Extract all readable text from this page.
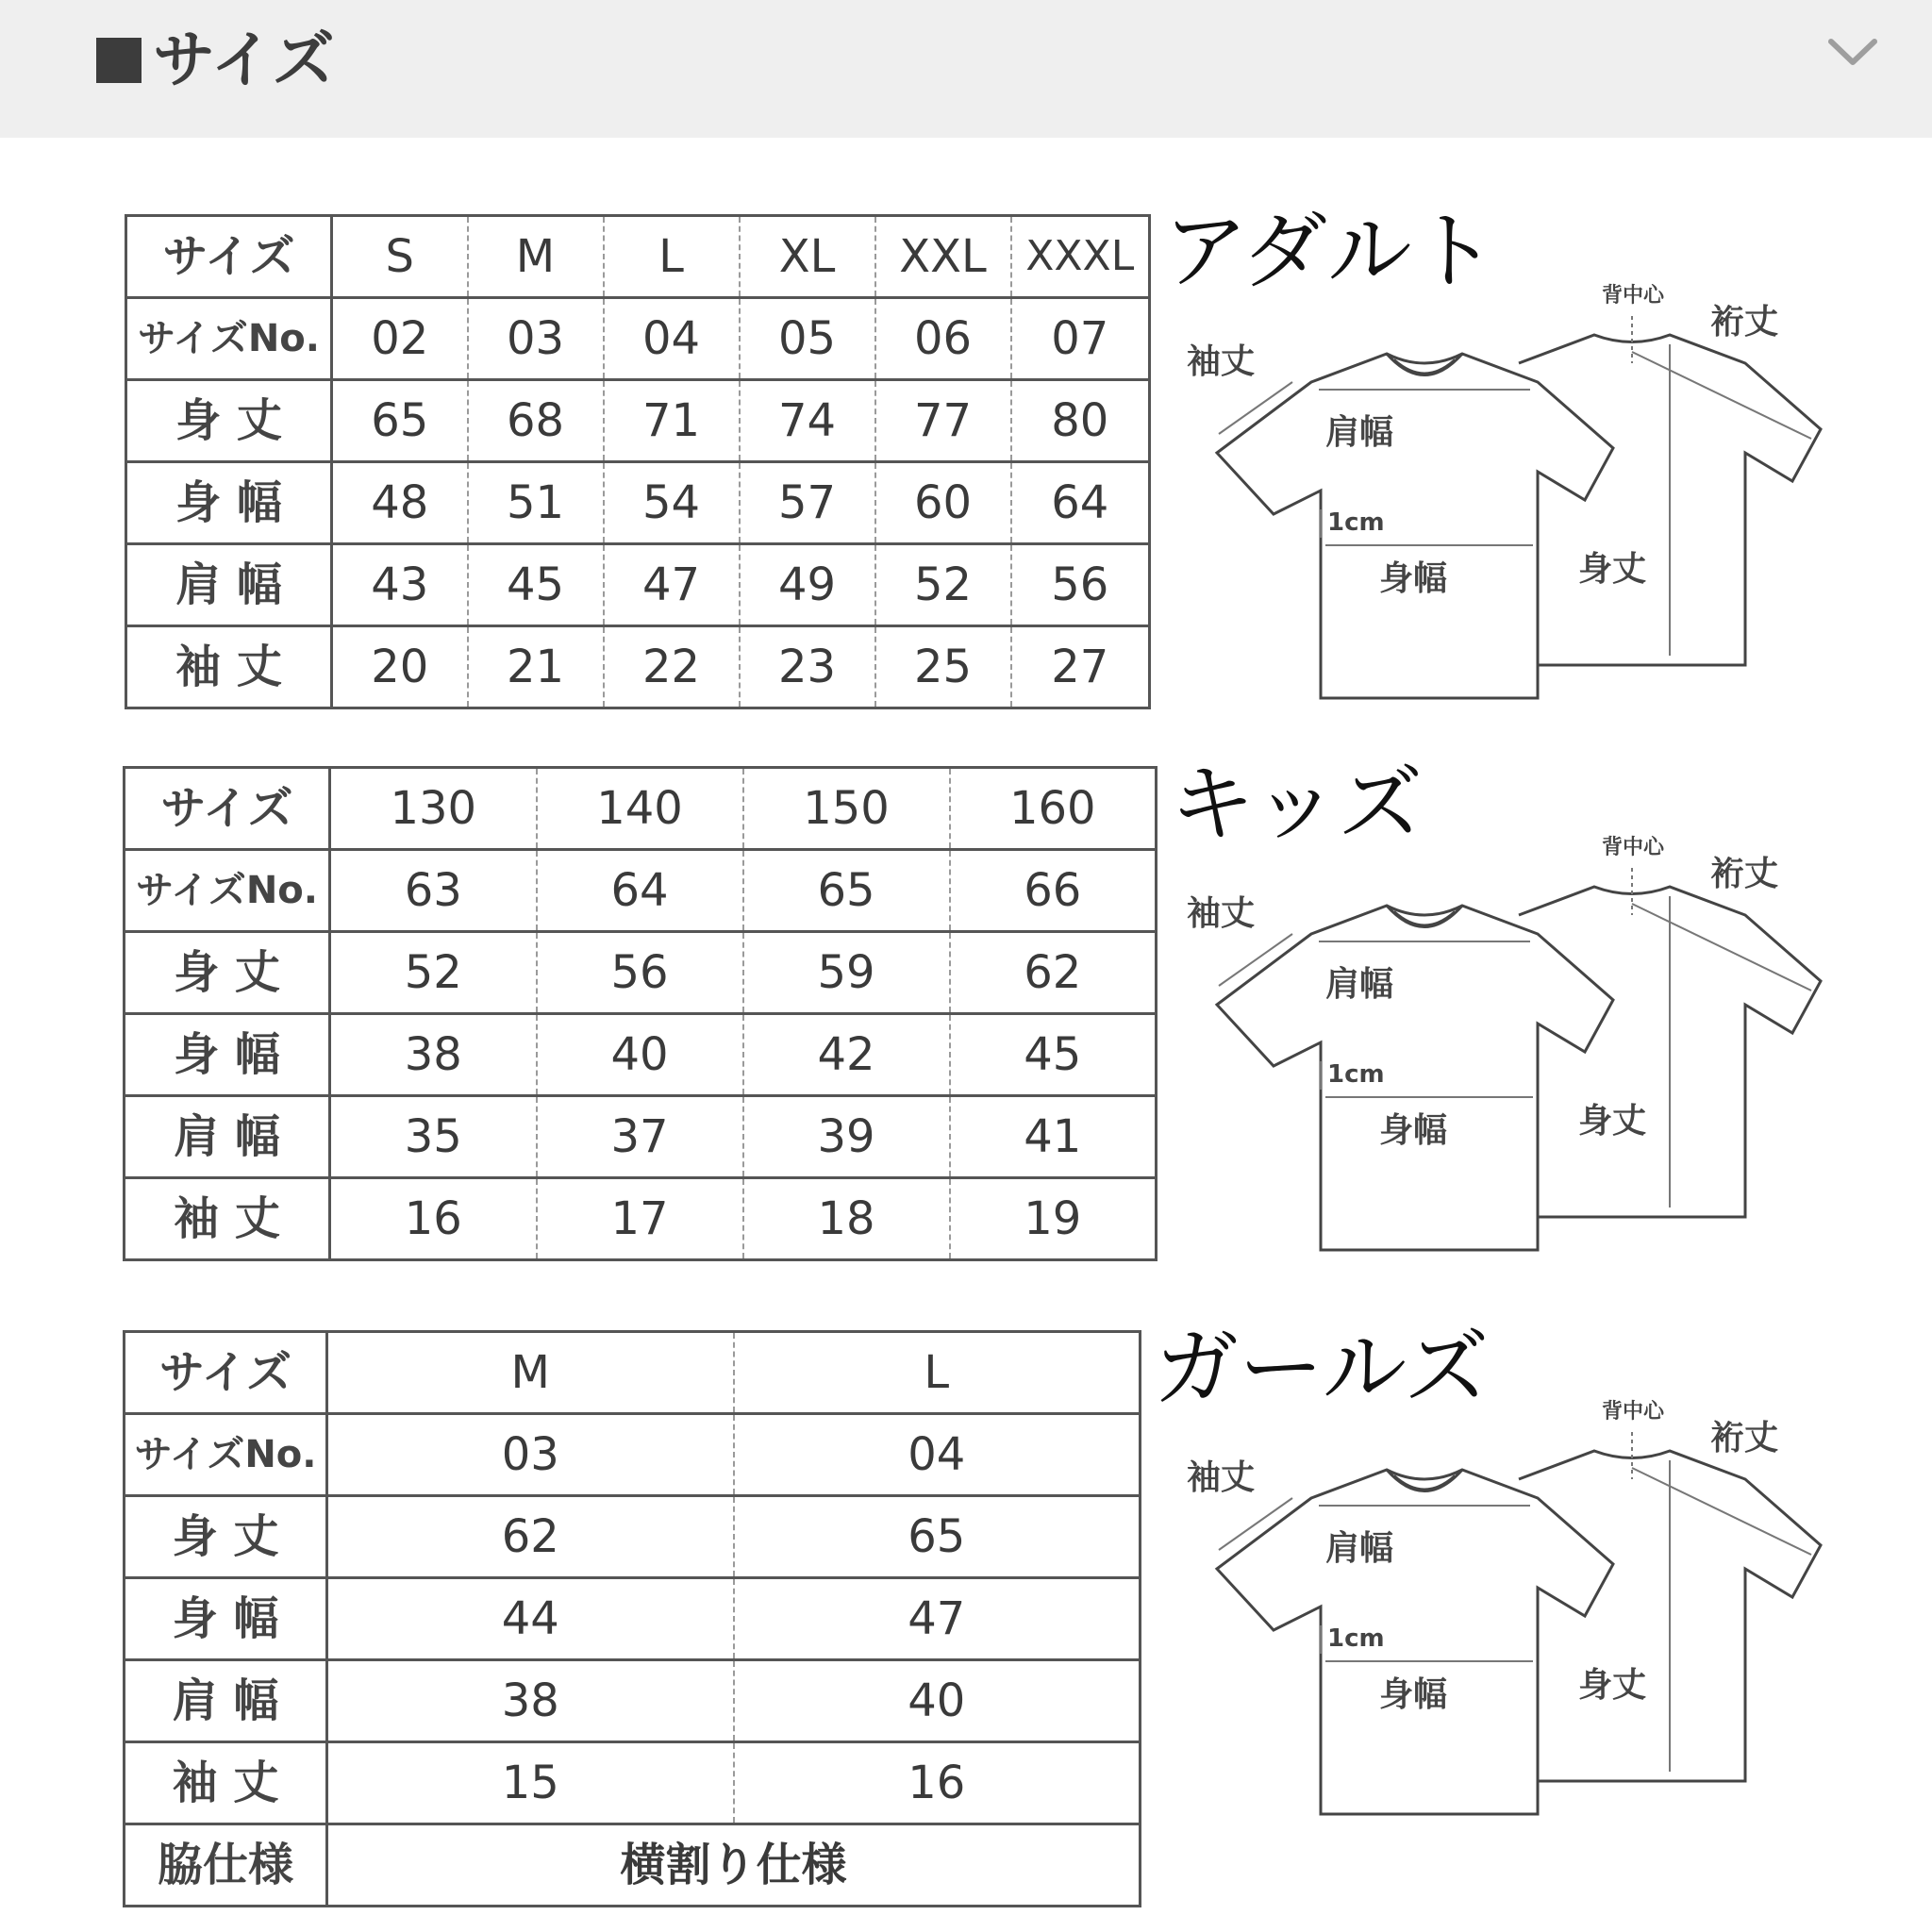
サイズ
サイズ	S	M	L	XL	XXL	XXXL
サイズNo.	02	03	04	05	06	07
身 丈	65	68	71	74	77	80
身 幅	48	51	54	57	60	64
肩 幅	43	45	47	49	52	56
袖 丈	20	21	22	23	25	27
アダルト
サイズ	130	140	150	160
サイズNo.	63	64	65	66
身 丈	52	56	59	62
身 幅	38	40	42	45
肩 幅	35	37	39	41
袖 丈	16	17	18	19
キッズ
サイズ	M	L
サイズNo.	03	04
身 丈	62	65
身 幅	44	47
肩 幅	38	40
袖 丈	15	16
脇仕様	横割り仕様	
ガールズ
背中心
裄丈
袖丈
肩幅
1cm
身幅	身丈
背中心
裄丈
袖丈
肩幅
1cm
身幅	身丈
背中心
裄丈
袖丈
肩幅
1cm
身幅	身丈
